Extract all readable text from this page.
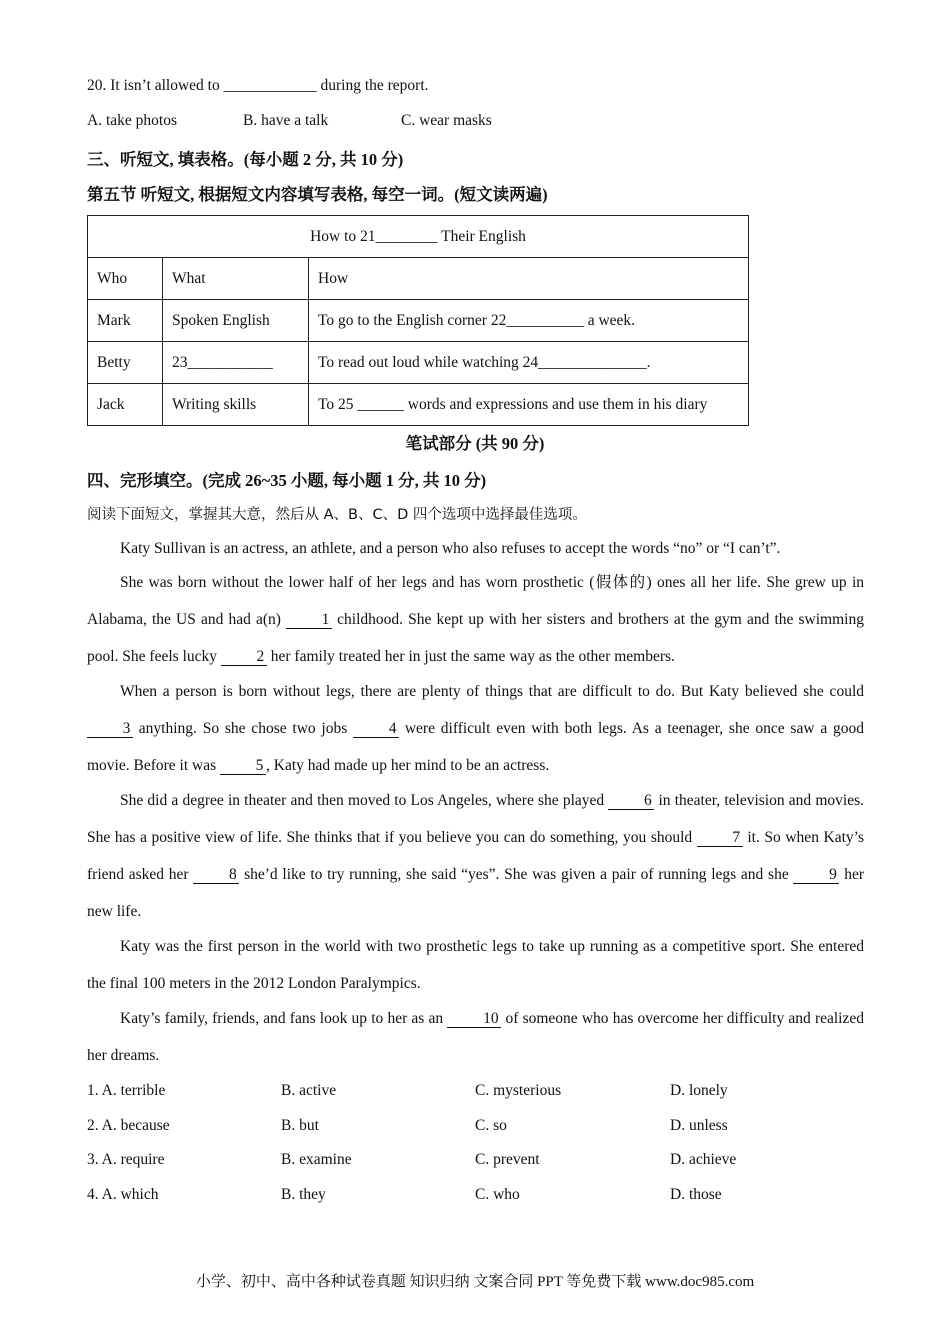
20. It isn’t allowed to ____________ during the report.
A. take photos	B. have a talk	C. wear masks
三、听短文, 填表格。(每小题 2 分, 共 10 分)
第五节 听短文, 根据短文内容填写表格, 每空一词。(短文读两遍)
How to 21________ Their English		
Who	What	How
Mark	Spoken English	To go to the English corner 22__________ a week.
Betty	23___________	To read out loud while watching 24______________.
Jack	Writing skills	To 25 ______ words and expressions and use them in his diary
笔试部分 (共 90 分)
四、完形填空。(完成 26~35 小题, 每小题 1 分, 共 10 分)
阅读下面短文，掌握其大意，然后从 A、B、C、D 四个选项中选择最佳选项。
Katy Sullivan is an actress, an athlete, and a person who also refuses to accept the words “no” or “I can’t”.
She was born without the lower half of her legs and has worn prosthetic (假体的) ones all her life. She grew up in Alabama, the US and had a(n) 1 childhood. She kept up with her sisters and brothers at the gym and the swimming pool. She feels lucky 2 her family treated her in just the same way as the other members.
When a person is born without legs, there are plenty of things that are difficult to do. But Katy believed she could 3 anything. So she chose two jobs 4 were difficult even with both legs. As a teenager, she once saw a good movie. Before it was 5 , Katy had made up her mind to be an actress.
She did a degree in theater and then moved to Los Angeles, where she played 6 in theater, television and movies. She has a positive view of life. She thinks that if you believe you can do something, you should 7 it. So when Katy’s friend asked her 8 she’d like to try running, she said “yes”. She was given a pair of running legs and she 9 her new life.
Katy was the first person in the world with two prosthetic legs to take up running as a competitive sport. She entered the final 100 meters in the 2012 London Paralympics.
Katy’s family, friends, and fans look up to her as an 10 of someone who has overcome her difficulty and realized her dreams.
1. A. terrible	B. active	C. mysterious	D. lonely
2. A. because	B. but	C. so	D. unless
3. A. require	B. examine	C. prevent	D. achieve
4. A. which	B. they	C. who	D. those
小学、初中、高中各种试卷真题 知识归纳 文案合同 PPT 等免费下载 www.doc985.com
